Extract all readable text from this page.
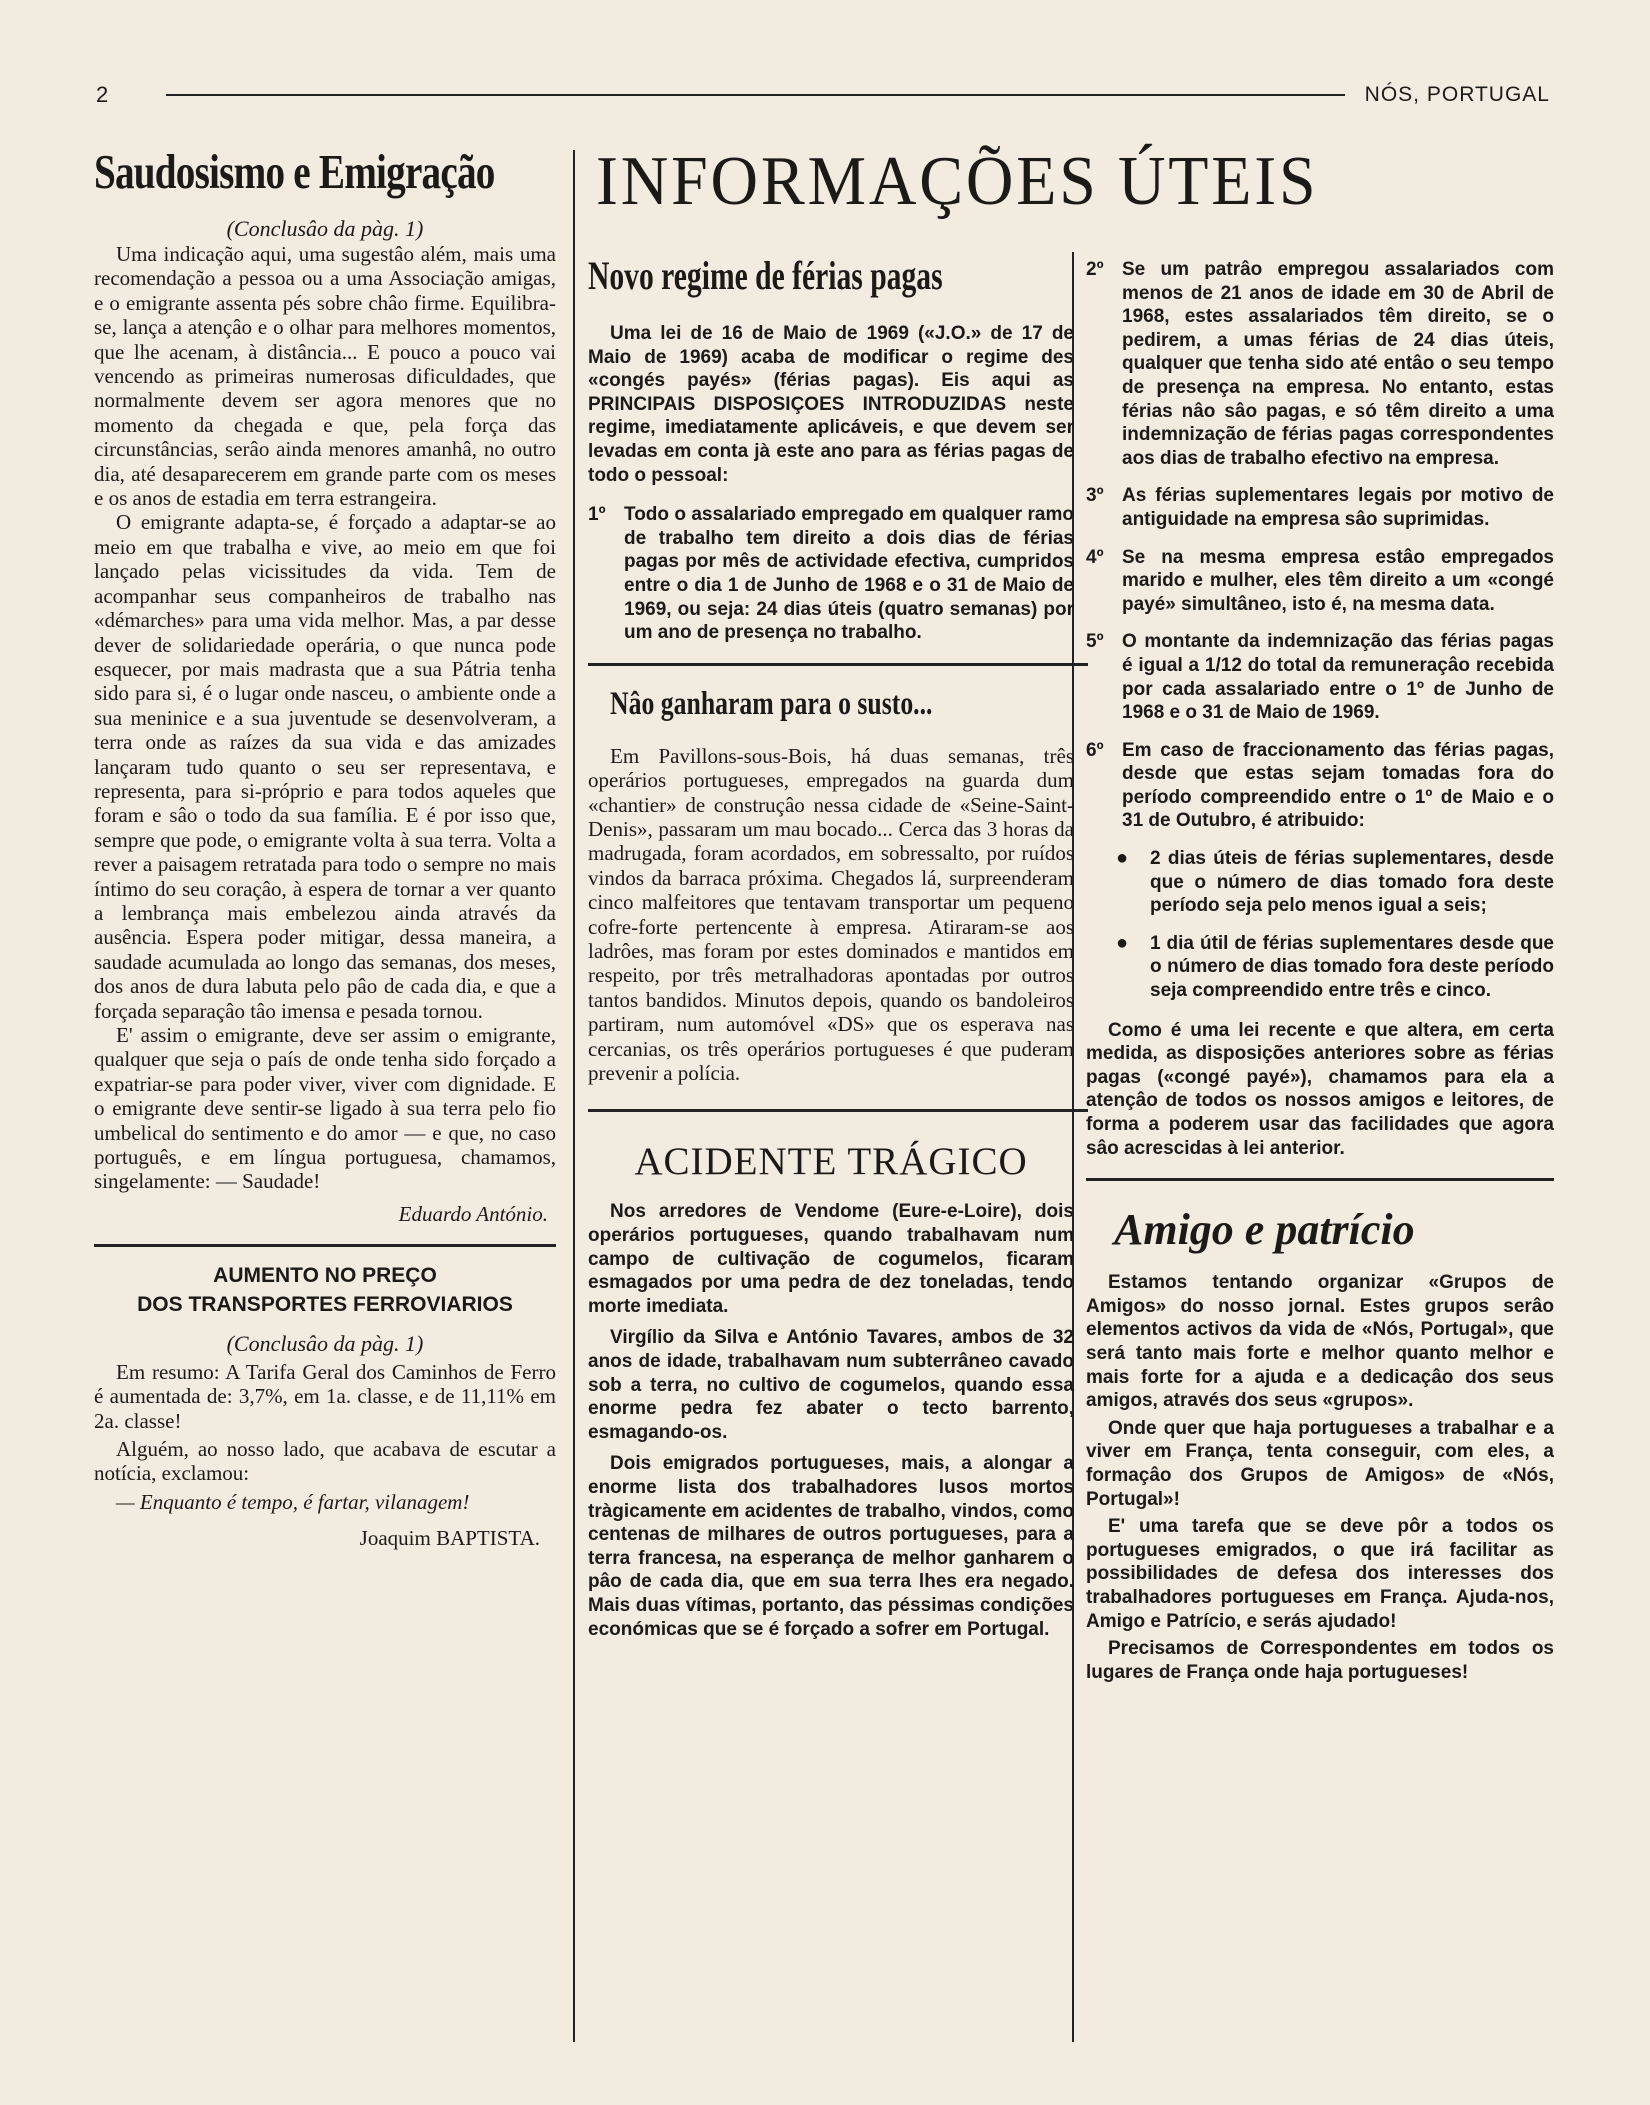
2	NÓS, PORTUGAL
Saudosismo e Emigração

(Conclusâo da pàg. 1)

Uma indicação aqui, uma sugestâo além, mais uma recomendação a pessoa ou a uma Associação amigas, e o emigrante assenta pés sobre châo firme. Equilibra-se, lança a atençâo e o olhar para melhores momentos, que lhe acenam, à distância... E pouco a pouco vai vencendo as primeiras numerosas dificuldades, que normalmente devem ser agora menores que no momento da chegada e que, pela força das circunstâncias, serâo ainda menores amanhâ, no outro dia, até desaparecerem em grande parte com os meses e os anos de estadia em terra estrangeira.

O emigrante adapta-se, é forçado a adaptar-se ao meio em que trabalha e vive, ao meio em que foi lançado pelas vicissitudes da vida. Tem de acompanhar seus companheiros de trabalho nas «démarches» para uma vida melhor. Mas, a par desse dever de solidariedade operária, o que nunca pode esquecer, por mais madrasta que a sua Pátria tenha sido para si, é o lugar onde nasceu, o ambiente onde a sua meninice e a sua juventude se desenvolveram, a terra onde as raízes da sua vida e das amizades lançaram tudo quanto o seu ser representava, e representa, para si-próprio e para todos aqueles que foram e sâo o todo da sua família. E é por isso que, sempre que pode, o emigrante volta à sua terra. Volta a rever a paisagem retratada para todo o sempre no mais íntimo do seu coraçâo, à espera de tornar a ver quanto a lembrança mais embelezou ainda através da ausência. Espera poder mitigar, dessa maneira, a saudade acumulada ao longo das semanas, dos meses, dos anos de dura labuta pelo pâo de cada dia, e que a forçada separaçâo tâo imensa e pesada tornou.

E' assim o emigrante, deve ser assim o emigrante, qualquer que seja o país de onde tenha sido forçado a expatriar-se para poder viver, viver com dignidade. E o emigrante deve sentir-se ligado à sua terra pelo fio umbelical do sentimento e do amor — e que, no caso português, e em língua portuguesa, chamamos, singelamente: — Saudade!

Eduardo António.

AUMENTO NO PREÇO

DOS TRANSPORTES FERROVIARIOS

(Conclusâo da pàg. 1)

Em resumo: A Tarifa Geral dos Caminhos de Ferro é aumentada de: 3,7%, em 1a. classe, e de 11,11% em 2a. classe!

Alguém, ao nosso lado, que acabava de escutar a notícia, exclamou:

— Enquanto é tempo, é fartar, vilanagem!

Joaquim BAPTISTA.

INFORMAÇÕES ÚTEIS
Novo regime de férias pagas

Uma lei de 16 de Maio de 1969 («J.O.» de 17 de Maio de 1969) acaba de modificar o regime des «congés payés» (férias pagas). Eis aqui as PRINCIPAIS DISPOSIÇOES INTRODUZIDAS neste regime, imediatamente aplicáveis, e que devem ser levadas em conta jà este ano para as férias pagas de todo o pessoal:

1º Todo o assalariado empregado em qualquer ramo de trabalho tem direito a dois dias de férias pagas por mês de actividade efectiva, cumpridos entre o dia 1 de Junho de 1968 e o 31 de Maio de 1969, ou seja: 24 dias úteis (quatro semanas) por um ano de presença no trabalho.
Nâo ganharam para o susto...

Em Pavillons-sous-Bois, há duas semanas, três operários portugueses, empregados na guarda dum «chantier» de construçâo nessa cidade de «Seine-Saint-Denis», passaram um mau bocado... Cerca das 3 horas da madrugada, foram acordados, em sobressalto, por ruídos vindos da barraca próxima. Chegados lá, surpreenderam cinco malfeitores que tentavam transportar um pequeno cofre-forte pertencente à empresa. Atiraram-se aos ladrôes, mas foram por estes dominados e mantidos em respeito, por três metralhadoras apontadas por outros tantos bandidos. Minutos depois, quando os bandoleiros partiram, num automóvel «DS» que os esperava nas cercanias, os três operários portugueses é que puderam prevenir a polícia.

ACIDENTE TRÁGICO

Nos arredores de Vendome (Eure-e-Loire), dois operários portugueses, quando trabalhavam num campo de cultivação de cogumelos, ficaram esmagados por uma pedra de dez toneladas, tendo morte imediata.

Virgílio da Silva e António Tavares, ambos de 32 anos de idade, trabalhavam num subterrâneo cavado sob a terra, no cultivo de cogumelos, quando essa enorme pedra fez abater o tecto barrento, esmagando-os.

Dois emigrados portugueses, mais, a alongar a enorme lista dos trabalhadores lusos mortos tràgicamente em acidentes de trabalho, vindos, como centenas de milhares de outros portugueses, para a terra francesa, na esperança de melhor ganharem o pâo de cada dia, que em sua terra lhes era negado. Mais duas vítimas, portanto, das péssimas condições económicas que se é forçado a sofrer em Portugal.

2º Se um patrâo empregou assalariados com menos de 21 anos de idade em 30 de Abril de 1968, estes assalariados têm direito, se o pedirem, a umas férias de 24 dias úteis, qualquer que tenha sido até entâo o seu tempo de presença na empresa. No entanto, estas férias nâo sâo pagas, e só têm direito a uma indemnização de férias pagas correspondentes aos dias de trabalho efectivo na empresa.
3º As férias suplementares legais por motivo de antiguidade na empresa sâo suprimidas.
4º Se na mesma empresa estâo empregados marido e mulher, eles têm direito a um «congé payé» simultâneo, isto é, na mesma data.
5º O montante da indemnização das férias pagas é igual a 1/12 do total da remuneraçâo recebida por cada assalariado entre o 1º de Junho de 1968 e o 31 de Maio de 1969.
6º Em caso de fraccionamento das férias pagas, desde que estas sejam tomadas fora do período compreendido entre o 1º de Maio e o 31 de Outubro, é atribuido:
●	2 dias úteis de férias suplementares, desde que o número de dias tomado fora deste período seja pelo menos igual a seis;
●	1 dia útil de férias suplementares desde que o número de dias tomado fora deste período seja compreendido entre três e cinco.

Como é uma lei recente e que altera, em certa medida, as disposições anteriores sobre as férias pagas («congé payé»), chamamos para ela a atençâo de todos os nossos amigos e leitores, de forma a poderem usar das facilidades que agora sâo acrescidas à lei anterior.

Amigo e patrício

Estamos tentando organizar «Grupos de Amigos» do nosso jornal. Estes grupos serâo elementos activos da vida de «Nós, Portugal», que será tanto mais forte e melhor quanto melhor e mais forte for a ajuda e a dedicaçâo dos seus amigos, através dos seus «grupos».

Onde quer que haja portugueses a trabalhar e a viver em França, tenta conseguir, com eles, a formaçâo dos Grupos de Amigos» de «Nós, Portugal»!

E' uma tarefa que se deve pôr a todos os portugueses emigrados, o que irá facilitar as possibilidades de defesa dos interesses dos trabalhadores portugueses em França. Ajuda-nos, Amigo e Patrício, e serás ajudado!

Precisamos de Correspondentes em todos os lugares de França onde haja portugueses!
